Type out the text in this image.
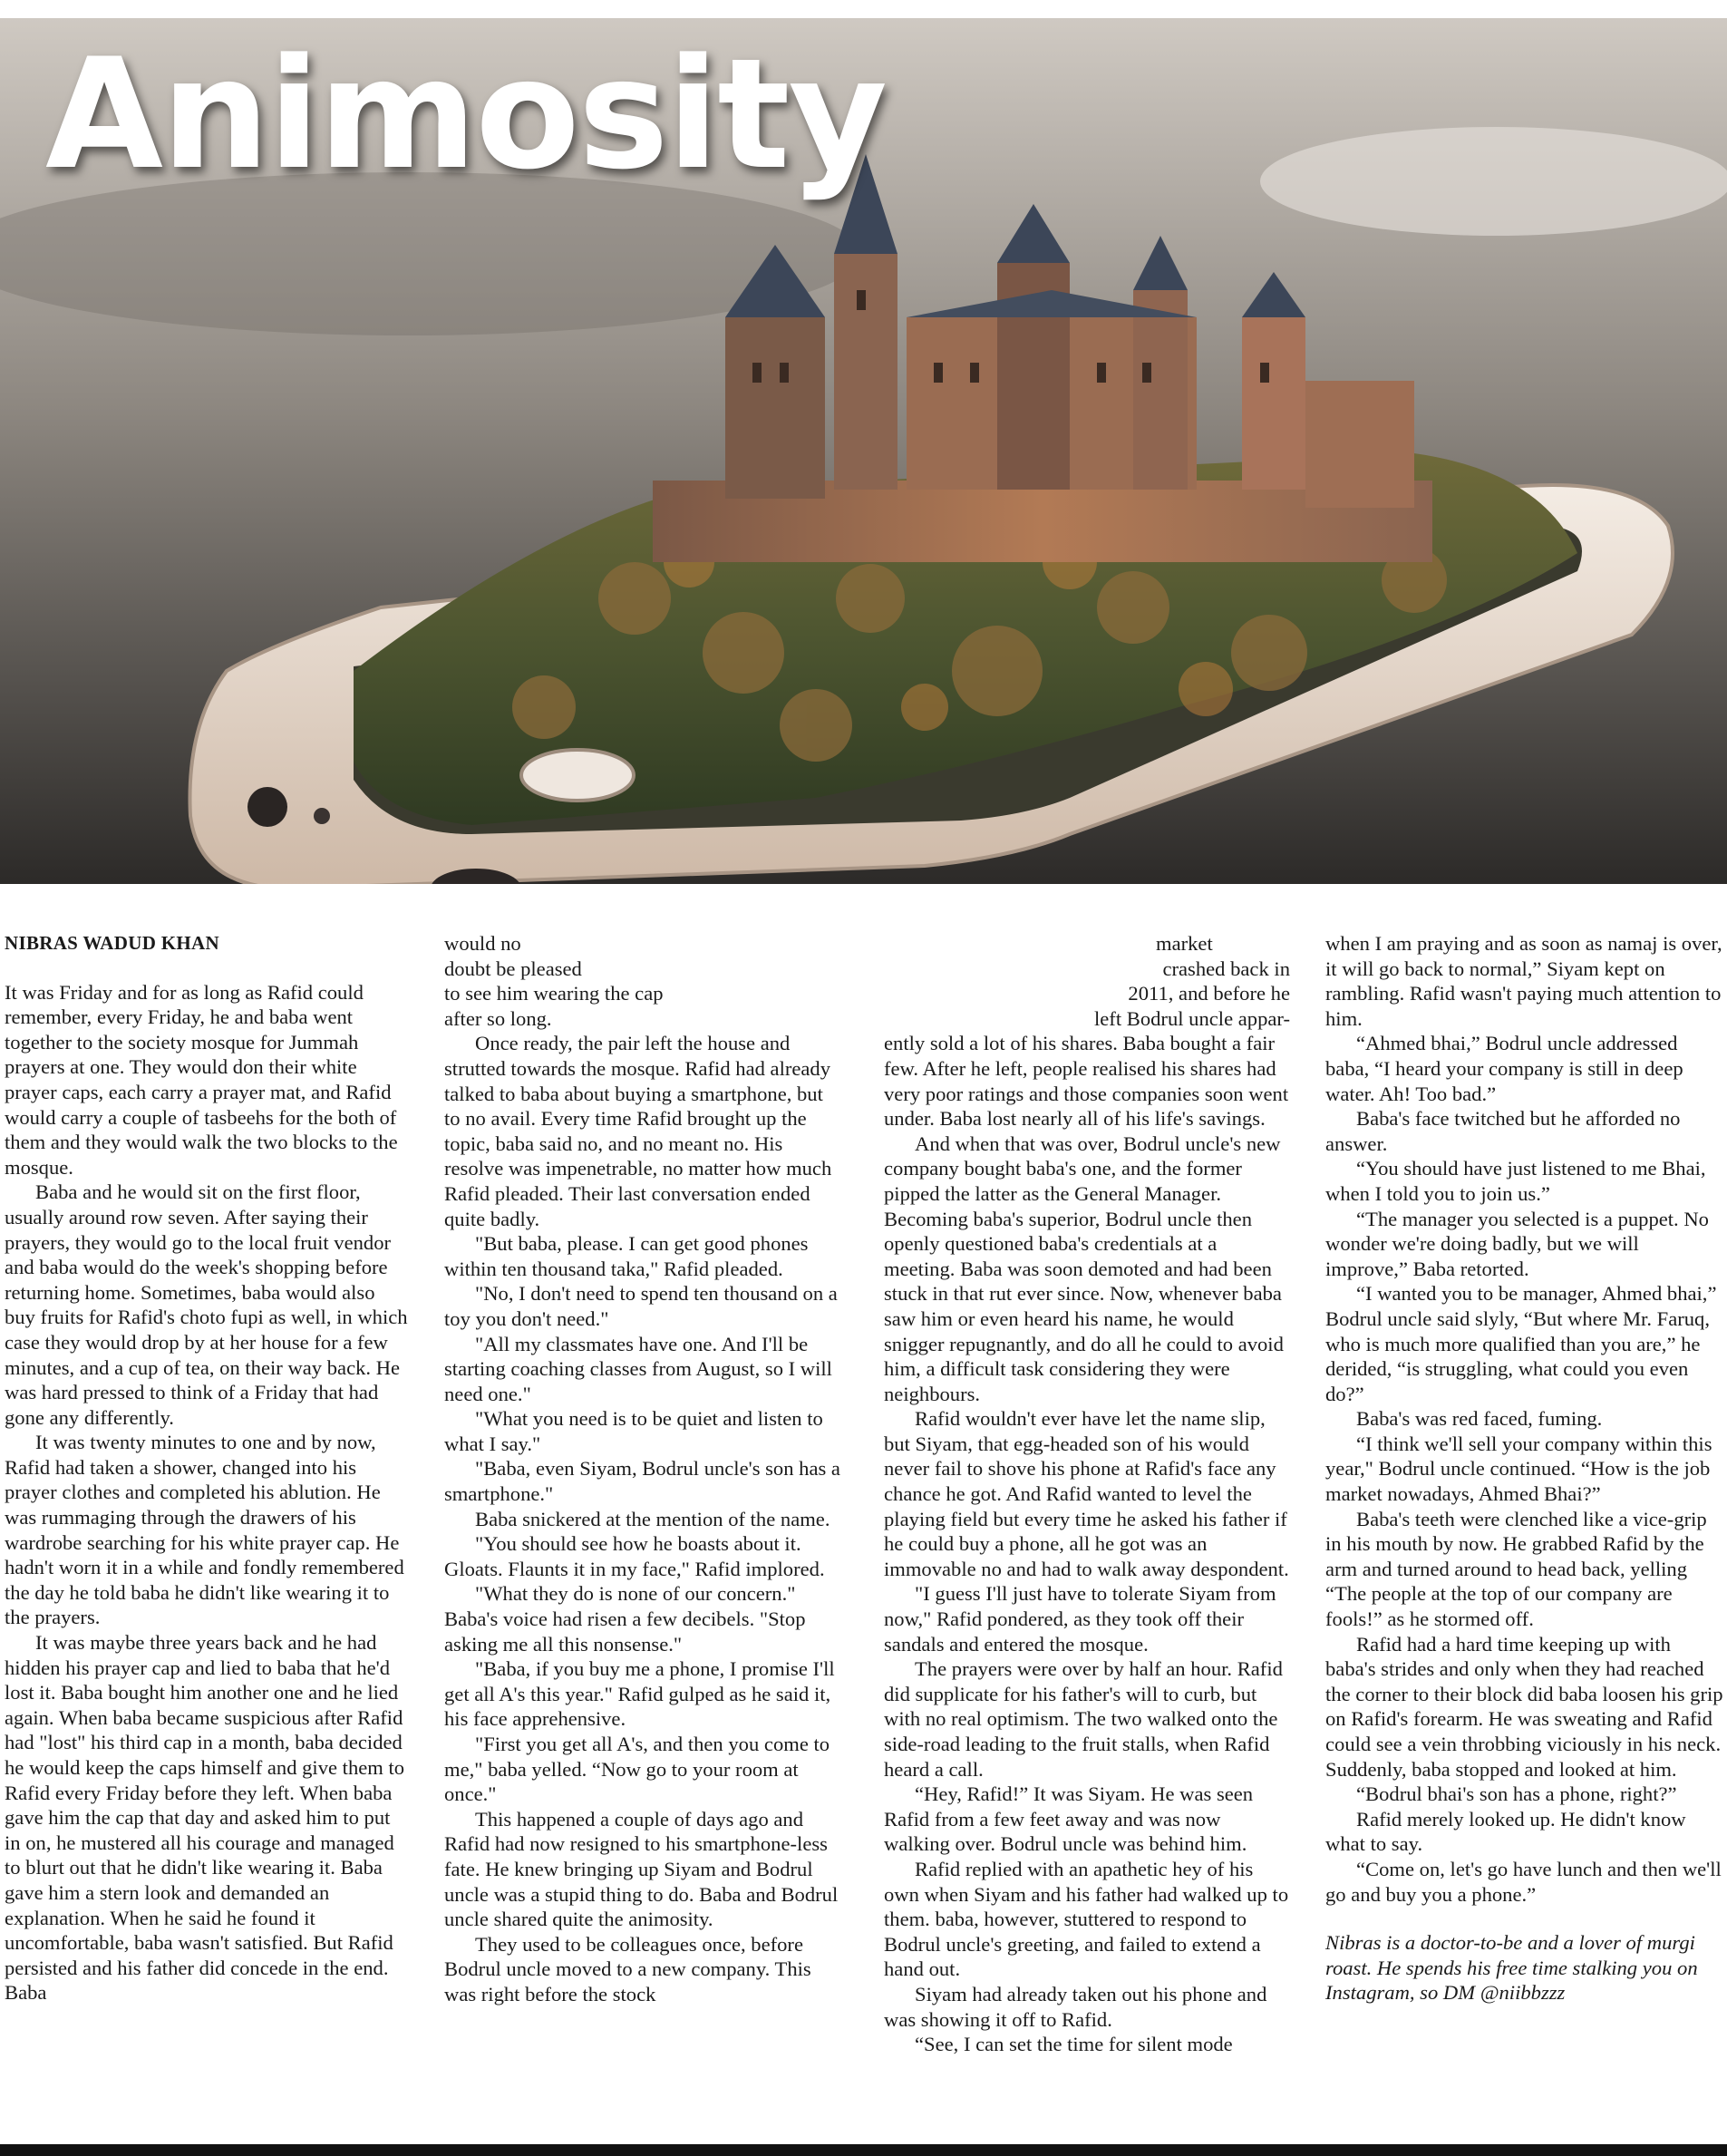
Animosity

NIBRAS WADUD KHAN

It was Friday and for as long as Rafid could remember, every Friday, he and baba went together to the society mosque for Jummah prayers at one. They would don their white prayer caps, each carry a prayer mat, and Rafid would carry a couple of tasbeehs for the both of them and they would walk the two blocks to the mosque.

Baba and he would sit on the first floor, usually around row seven. After saying their prayers, they would go to the local fruit vendor and baba would do the week's shopping before returning home. Sometimes, baba would also buy fruits for Rafid's choto fupi as well, in which case they would drop by at her house for a few minutes, and a cup of tea, on their way back. He was hard pressed to think of a Friday that had gone any differently.

It was twenty minutes to one and by now, Rafid had taken a shower, changed into his prayer clothes and completed his ablution. He was rummaging through the drawers of his wardrobe searching for his white prayer cap. He hadn't worn it in a while and fondly remembered the day he told baba he didn't like wearing it to the prayers.

It was maybe three years back and he had hidden his prayer cap and lied to baba that he'd lost it. Baba bought him another one and he lied again. When baba became suspicious after Rafid had "lost" his third cap in a month, baba decided he would keep the caps himself and give them to Rafid every Friday before they left. When baba gave him the cap that day and asked him to put in on, he mustered all his courage and managed to blurt out that he didn't like wearing it. Baba gave him a stern look and demanded an explanation. When he said he found it uncomfortable, baba wasn't satisfied. But Rafid persisted and his father did concede in the end. Baba

would no

doubt be pleased

to see him wearing the cap

after so long.

Once ready, the pair left the house and strutted towards the mosque. Rafid had already talked to baba about buying a smartphone, but to no avail. Every time Rafid brought up the topic, baba said no, and no meant no. His resolve was impenetrable, no matter how much Rafid pleaded. Their last conversation ended quite badly.

"But baba, please. I can get good phones within ten thousand taka," Rafid pleaded.

"No, I don't need to spend ten thousand on a toy you don't need."

"All my classmates have one. And I'll be starting coaching classes from August, so I will need one."

"What you need is to be quiet and listen to what I say."

"Baba, even Siyam, Bodrul uncle's son has a smartphone."

Baba snickered at the mention of the name.

"You should see how he boasts about it. Gloats. Flaunts it in my face," Rafid implored.

"What they do is none of our concern." Baba's voice had risen a few decibels. "Stop asking me all this nonsense."

"Baba, if you buy me a phone, I promise I'll get all A's this year." Rafid gulped as he said it, his face apprehensive.

"First you get all A's, and then you come to me," baba yelled. “Now go to your room at once."

This happened a couple of days ago and Rafid had now resigned to his smartphone-less fate. He knew bringing up Siyam and Bodrul uncle was a stupid thing to do. Baba and Bodrul uncle shared quite the animosity.

They used to be colleagues once, before Bodrul uncle moved to a new company. This was right before the stock

market

crashed back in

2011, and before he

left Bodrul uncle appar-

ently sold a lot of his shares. Baba bought a fair few. After he left, people realised his shares had very poor ratings and those companies soon went under. Baba lost nearly all of his life's savings.

And when that was over, Bodrul uncle's new company bought baba's one, and the former pipped the latter as the General Manager. Becoming baba's superior, Bodrul uncle then openly questioned baba's credentials at a meeting. Baba was soon demoted and had been stuck in that rut ever since. Now, whenever baba saw him or even heard his name, he would snigger repugnantly, and do all he could to avoid him, a difficult task considering they were neighbours.

Rafid wouldn't ever have let the name slip, but Siyam, that egg-headed son of his would never fail to shove his phone at Rafid's face any chance he got. And Rafid wanted to level the playing field but every time he asked his father if he could buy a phone, all he got was an immovable no and had to walk away despondent.

"I guess I'll just have to tolerate Siyam from now," Rafid pondered, as they took off their sandals and entered the mosque.

The prayers were over by half an hour. Rafid did supplicate for his father's will to curb, but with no real optimism. The two walked onto the side-road leading to the fruit stalls, when Rafid heard a call.

“Hey, Rafid!” It was Siyam. He was seen Rafid from a few feet away and was now walking over. Bodrul uncle was behind him.

Rafid replied with an apathetic hey of his own when Siyam and his father had walked up to them. baba, however, stuttered to respond to Bodrul uncle's greeting, and failed to extend a hand out.

Siyam had already taken out his phone and was showing it off to Rafid.

“See, I can set the time for silent mode

when I am praying and as soon as namaj is over, it will go back to normal,” Siyam kept on rambling. Rafid wasn't paying much attention to him.

“Ahmed bhai,” Bodrul uncle addressed baba, “I heard your company is still in deep water. Ah! Too bad.”

Baba's face twitched but he afforded no answer.

“You should have just listened to me Bhai, when I told you to join us.”

“The manager you selected is a puppet. No wonder we're doing badly, but we will improve,” Baba retorted.

“I wanted you to be manager, Ahmed bhai,” Bodrul uncle said slyly, “But where Mr. Faruq, who is much more qualified than you are,” he derided, “is struggling, what could you even do?”

Baba's was red faced, fuming.

“I think we'll sell your company within this year," Bodrul uncle continued. “How is the job market nowadays, Ahmed Bhai?”

Baba's teeth were clenched like a vice-grip in his mouth by now. He grabbed Rafid by the arm and turned around to head back, yelling “The people at the top of our company are fools!” as he stormed off.

Rafid had a hard time keeping up with baba's strides and only when they had reached the corner to their block did baba loosen his grip on Rafid's forearm. He was sweating and Rafid could see a vein throbbing viciously in his neck. Suddenly, baba stopped and looked at him.

“Bodrul bhai's son has a phone, right?”

Rafid merely looked up. He didn't know what to say.

“Come on, let's go have lunch and then we'll go and buy you a phone.”

Nibras is a doctor-to-be and a lover of murgi roast. He spends his free time stalking you on Instagram, so DM @niibbzzz
